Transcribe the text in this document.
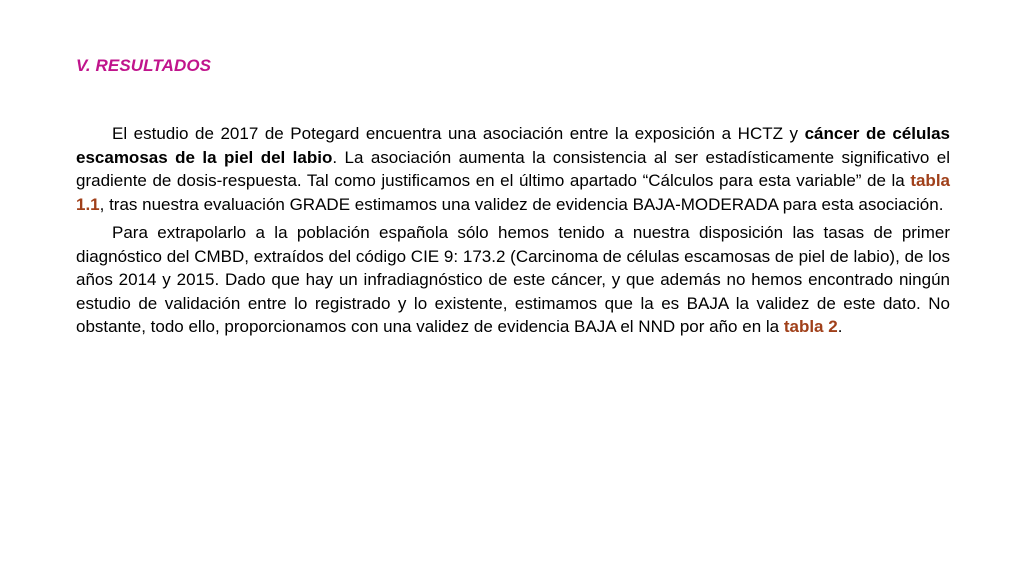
V. RESULTADOS

El estudio de 2017 de Potegard encuentra una asociación entre la exposición a HCTZ y cáncer de células escamosas de la piel del labio. La asociación aumenta la consistencia al ser estadísticamente significativo el gradiente de dosis-respuesta. Tal como justificamos en el último apartado “Cálculos para esta variable” de la tabla 1.1, tras nuestra evaluación GRADE estimamos una validez de evidencia BAJA-MODERADA para esta asociación.

Para extrapolarlo a la población española sólo hemos tenido a nuestra disposición las tasas de primer diagnóstico del CMBD, extraídos del código CIE 9: 173.2 (Carcinoma de células escamosas de piel de labio), de los años 2014 y 2015. Dado que hay un infradiagnóstico de este cáncer, y que además no hemos encontrado ningún estudio de validación entre lo registrado y lo existente, estimamos que la es BAJA la validez de este dato. No obstante, todo ello, proporcionamos con una validez de evidencia BAJA el NND por año en la tabla 2.
